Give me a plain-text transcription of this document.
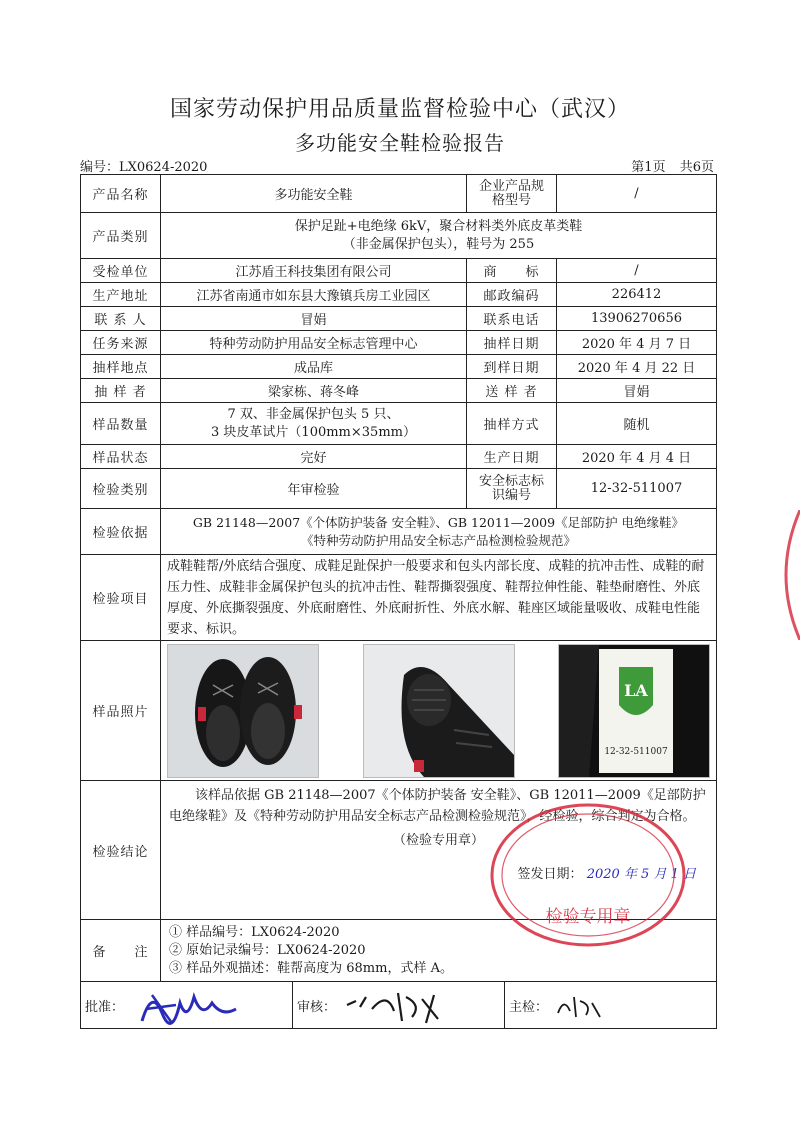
国家劳动保护用品质量监督检验中心（武汉）
多功能安全鞋检验报告
编号：LX0624-2020	第1页 共6页
产品名称	多功能安全鞋	企业产品规格型号	/
产品类别	保护足趾+电绝缘 6kV，聚合材料类外底皮革类鞋
（非金属保护包头），鞋号为 255		

受检单位	江苏盾王科技集团有限公司	商　　标	/
生产地址	江苏省南通市如东县大豫镇兵房工业园区	邮政编码	226412
联 系 人	冒娟	联系电话	13906270656
任务来源	特种劳动防护用品安全标志管理中心	抽样日期	2020 年 4 月 7 日
抽样地点	成品库	到样日期	2020 年 4 月 22 日
抽 样 者	梁家栋、蒋冬峰	送 样 者	冒娟
样品数量	7 双、非金属保护包头 5 只、
3 块皮革试片（100mm×35mm）	抽样方式	随机
样品状态	完好	生产日期	2020 年 4 月 4 日
检验类别	年审检验	安全标志标识编号	12-32-511007
检验依据	GB 21148—2007《个体防护装备 安全鞋》、GB 12011—2009《足部防护 电绝缘鞋》
《特种劳动防护用品安全标志产品检测检验规范》		

检验项目	成鞋鞋帮/外底结合强度、成鞋足趾保护一般要求和包头内部长度、成鞋的抗冲击性、成鞋的耐压力性、成鞋非金属保护包头的抗冲击性、鞋帮撕裂强度、鞋帮拉伸性能、鞋垫耐磨性、外底厚度、外底撕裂强度、外底耐磨性、外底耐折性、外底水解、鞋座区域能量吸收、成鞋电性能要求、标识。		
样品照片	LA
12-32-511007		

检验结论	该样品依据 GB 21148—2007《个体防护装备 安全鞋》、GB 12011—2009《足部防护 电绝缘鞋》及《特种劳动防护用品安全标志产品检测检验规范》，经检验，综合判定为合格。
（检验专用章）
签发日期： 2020 年 5 月 1 日		

备　　注	① 样品编号：LX0624-2020
② 原始记录编号：LX0624-2020
③ 样品外观描述：鞋帮高度为 68mm，式样 A。		

批准： 审核： 主检：			
检验专用章
